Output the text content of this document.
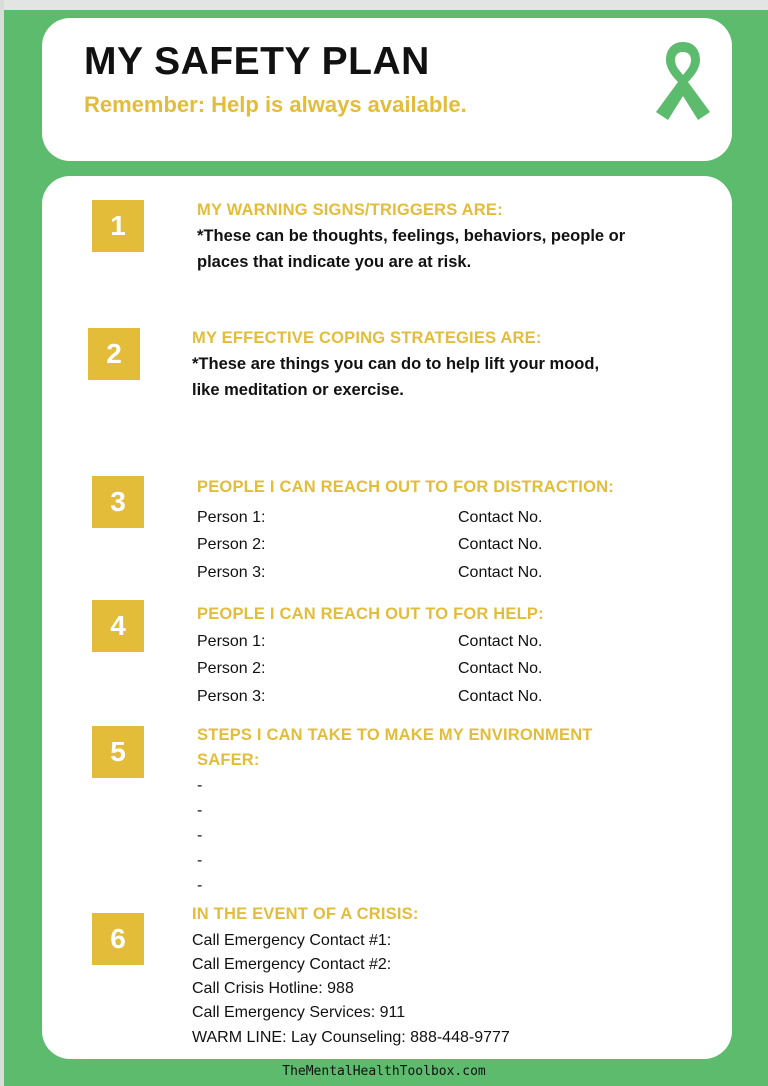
MY SAFETY PLAN
Remember: Help is always available.
1	MY WARNING SIGNS/TRIGGERS ARE:
*These can be thoughts, feelings, behaviors, people or
places that indicate you are at risk.
2	MY EFFECTIVE COPING STRATEGIES ARE:
*These are things you can do to help lift your mood,
like meditation or exercise.
3	PEOPLE I CAN REACH OUT TO FOR DISTRACTION:
Person 1:	Contact No.
Person 2:	Contact No.
Person 3:	Contact No.
4	PEOPLE I CAN REACH OUT TO FOR HELP:
Person 1:	Contact No.
Person 2:	Contact No.
Person 3:	Contact No.
5
STEPS I CAN TAKE TO MAKE MY ENVIRONMENT
SAFER:
-
-
-
-
-
6
IN THE EVENT OF A CRISIS:
Call Emergency Contact #1:
Call Emergency Contact #2:
Call Crisis Hotline: 988
Call Emergency Services: 911
WARM LINE: Lay Counseling: 888-448-9777
TheMentalHealthToolbox.com
